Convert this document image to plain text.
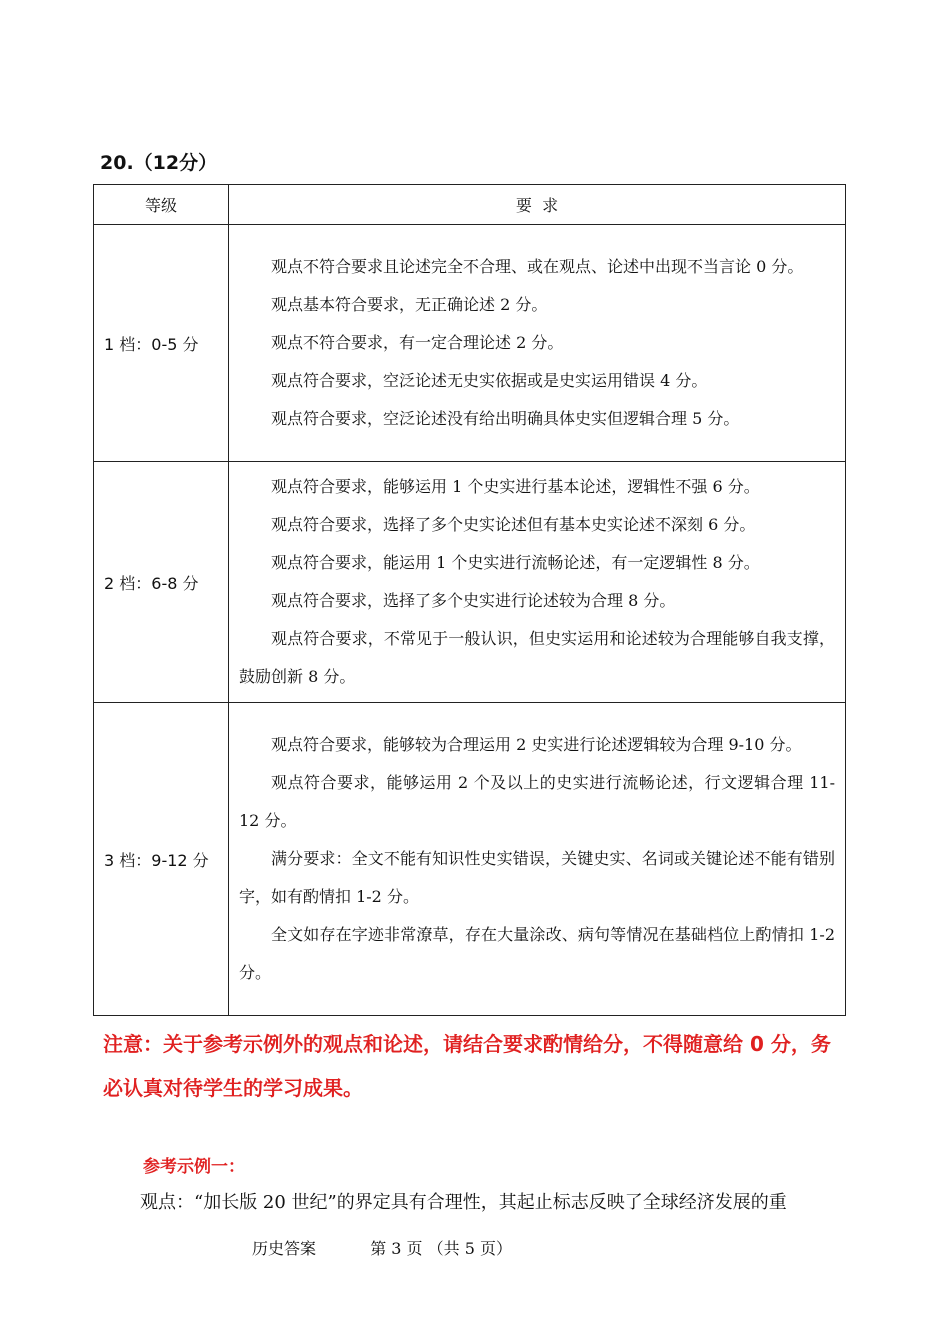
20.（12分）
等级	要  求
1 档：0-5 分	观点不符合要求且论述完全不合理、或在观点、论述中出现不当言论 0 分。

观点基本符合要求，无正确论述 2 分。

观点不符合要求，有一定合理论述 2 分。

观点符合要求，空泛论述无史实依据或是史实运用错误 4 分。

观点符合要求，空泛论述没有给出明确具体史实但逻辑合理 5 分。

2 档：6-8 分	观点符合要求，能够运用 1 个史实进行基本论述，逻辑性不强 6 分。

观点符合要求，选择了多个史实论述但有基本史实论述不深刻 6 分。

观点符合要求，能运用 1 个史实进行流畅论述，有一定逻辑性 8 分。

观点符合要求，选择了多个史实进行论述较为合理 8 分。

观点符合要求，不常见于一般认识，但史实运用和论述较为合理能够自我支撑，鼓励创新 8 分。

3 档：9-12 分	观点符合要求，能够较为合理运用 2 史实进行论述逻辑较为合理 9-10 分。

观点符合要求，能够运用 2 个及以上的史实进行流畅论述，行文逻辑合理 11-12 分。

满分要求：全文不能有知识性史实错误，关键史实、名词或关键论述不能有错别字，如有酌情扣 1-2 分。

全文如存在字迹非常潦草，存在大量涂改、病句等情况在基础档位上酌情扣 1-2 分。

注意：关于参考示例外的观点和论述，请结合要求酌情给分，不得随意给 0 分，务必认真对待学生的学习成果。
参考示例一：
观点：“加长版 20 世纪”的界定具有合理性，其起止标志反映了全球经济发展的重
历史答案	第 3 页 （共 5 页）
